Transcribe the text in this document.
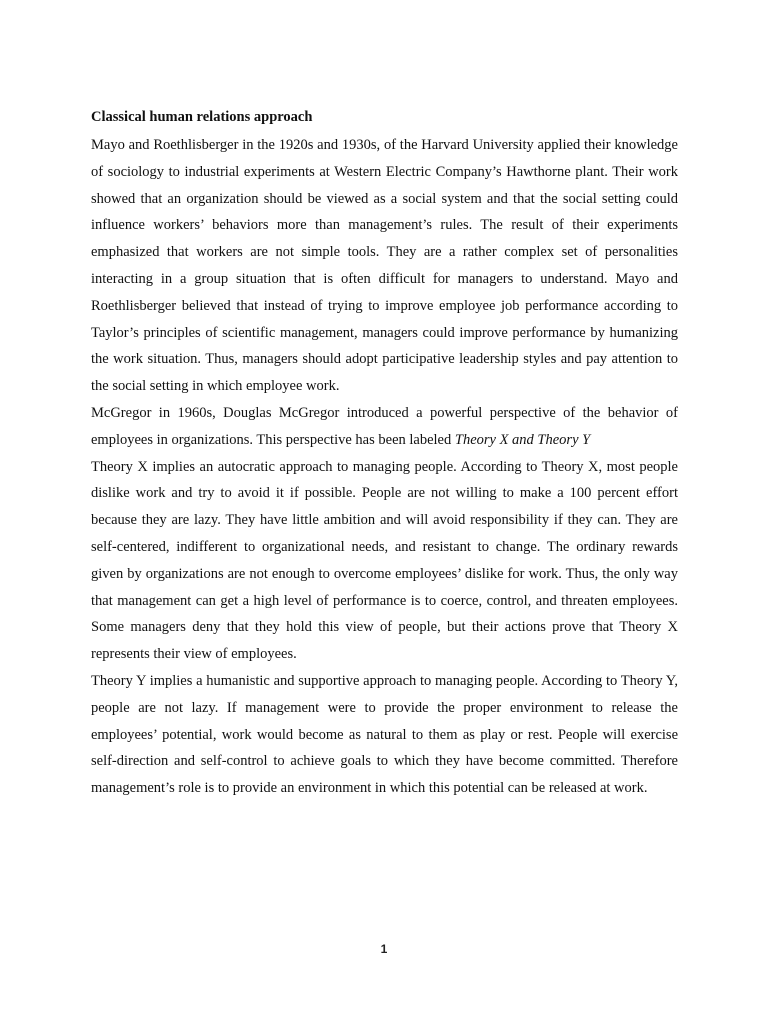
Classical human relations approach

Mayo and Roethlisberger in the 1920s and 1930s, of the Harvard University applied their knowledge of sociology to industrial experiments at Western Electric Company’s Hawthorne plant. Their work showed that an organization should be viewed as a social system and that the social setting could influence workers’ behaviors more than management’s rules. The result of their experiments emphasized that workers are not simple tools. They are a rather complex set of personalities interacting in a group situation that is often difficult for managers to understand. Mayo and Roethlisberger believed that instead of trying to improve employee job performance according to Taylor’s principles of scientific management, managers could improve performance by humanizing the work situation. Thus, managers should adopt participative leadership styles and pay attention to the social setting in which employee work.

McGregor in 1960s, Douglas McGregor introduced a powerful perspective of the behavior of employees in organizations. This perspective has been labeled Theory X and Theory Y

Theory X implies an autocratic approach to managing people. According to Theory X, most people dislike work and try to avoid it if possible. People are not willing to make a 100 percent effort because they are lazy. They have little ambition and will avoid responsibility if they can. They are self-centered, indifferent to organizational needs, and resistant to change. The ordinary rewards given by organizations are not enough to overcome employees’ dislike for work. Thus, the only way that management can get a high level of performance is to coerce, control, and threaten employees. Some managers deny that they hold this view of people, but their actions prove that Theory X represents their view of employees.

Theory Y implies a humanistic and supportive approach to managing people. According to Theory Y, people are not lazy. If management were to provide the proper environment to release the employees’ potential, work would become as natural to them as play or rest. People will exercise self-direction and self-control to achieve goals to which they have become committed. Therefore management’s role is to provide an environment in which this potential can be released at work.

1
